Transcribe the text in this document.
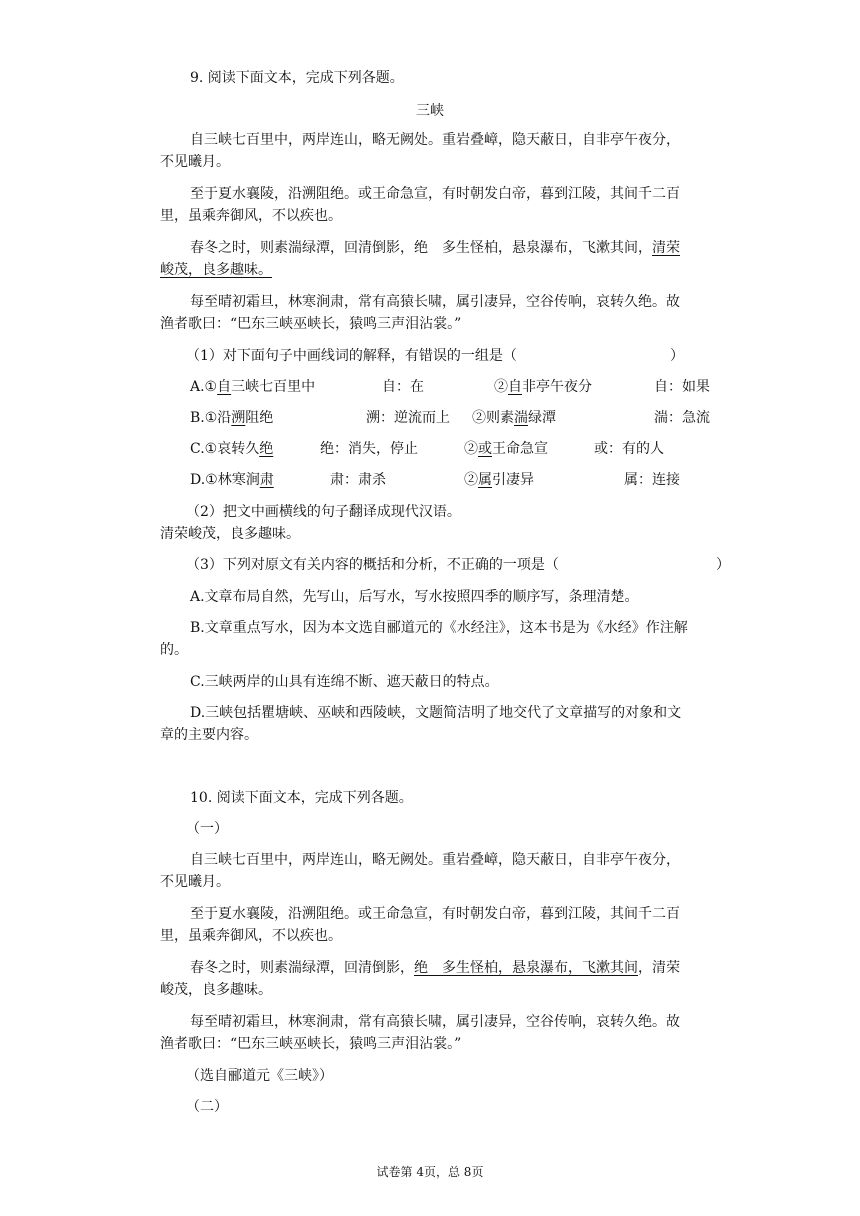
9. 阅读下面文本，完成下列各题。
三峡
自三峡七百里中，两岸连山，略无阙处。重岩叠嶂，隐天蔽日，自非亭午夜分，
不见曦月。
至于夏水襄陵，沿溯阻绝。或王命急宣，有时朝发白帝，暮到江陵，其间千二百
里，虽乘奔御风，不以疾也。
春冬之时，则素湍绿潭，回清倒影，绝　多生怪柏，悬泉瀑布，飞漱其间，清荣
峻茂，良多趣味。
每至晴初霜旦，林寒涧肃，常有高猿长啸，属引凄异，空谷传响，哀转久绝。故
渔者歌曰：“巴东三峡巫峡长，猿鸣三声泪沾裳。”
（1）对下面句子中画线词的解释，有错误的一组是（	）
A.①自三峡七百里中	自：在	②自非亭午夜分	自：如果
B.①沿溯阻绝	溯：逆流而上 ②则素湍绿潭	湍：急流
C.①哀转久绝	绝：消失，停止	②或王命急宣	或：有的人
D.①林寒涧肃	肃：肃杀	②属引凄异	属：连接
（2）把文中画横线的句子翻译成现代汉语。
清荣峻茂，良多趣味。
（3）下列对原文有关内容的概括和分析，不正确的一项是（	）
A.文章布局自然，先写山，后写水，写水按照四季的顺序写，条理清楚。
B.文章重点写水，因为本文选自郦道元的《水经注》，这本书是为《水经》作注解
的。
C.三峡两岸的山具有连绵不断、遮天蔽日的特点。
D.三峡包括瞿塘峡、巫峡和西陵峡，文题简洁明了地交代了文章描写的对象和文
章的主要内容。
10. 阅读下面文本，完成下列各题。
（一）
自三峡七百里中，两岸连山，略无阙处。重岩叠嶂，隐天蔽日，自非亭午夜分，
不见曦月。
至于夏水襄陵，沿溯阻绝。或王命急宣，有时朝发白帝，暮到江陵，其间千二百
里，虽乘奔御风，不以疾也。
春冬之时，则素湍绿潭，回清倒影，绝　多生怪柏，悬泉瀑布，飞漱其间，清荣
峻茂，良多趣味。
每至晴初霜旦，林寒涧肃，常有高猿长啸，属引凄异，空谷传响，哀转久绝。故
渔者歌曰：“巴东三峡巫峡长，猿鸣三声泪沾裳。”
（选自郦道元《三峡》）
（二）
试卷第 4页，总 8页
